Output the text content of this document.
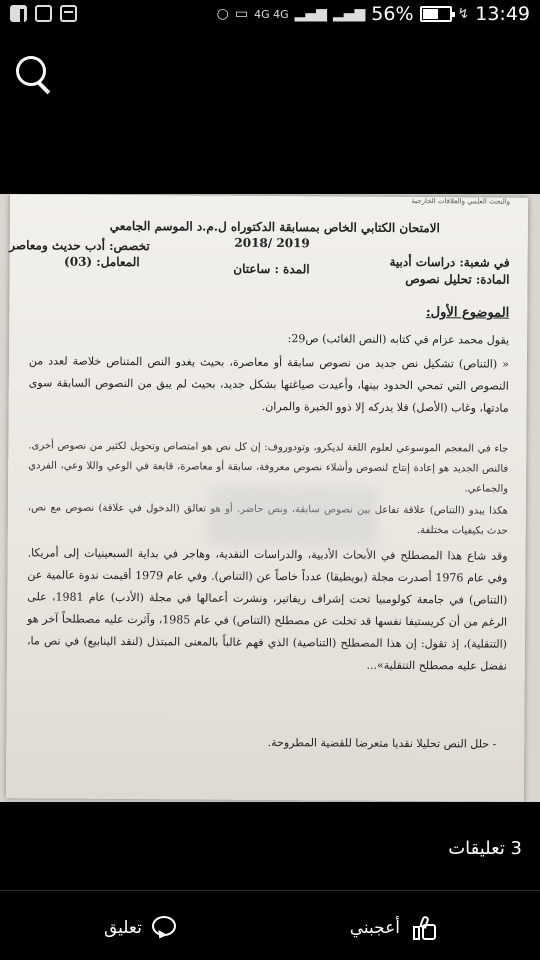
○ ▭ 4G 4G ▂▄▆ ▂▄▆ 56%	↯ 13:49
والبحث العلمي والعلاقات الخارجية
الامتحان الكتابي الخاص بمسابقة الدكتوراه ل.م.د الموسم الجامعي
2019 /2018
في شعبة: دراسات أدبية
المادة: تحليل نصوص
المدة : ساعتان
تخصص: أدب حديث ومعاصر
المعامل: (03)
الموضوع الأول:
يقول محمد عزام في كتابه (النص الغائب) ص29:
« (التناص) تشكيل نص جديد من نصوص سابقة أو معاصرة، بحيث يغدو النص المتناص خلاصة لعدد من النصوص التي تمحي الحدود بينها، وأعيدت صياغتها بشكل جديد، بحيث لم يبق من النصوص السابقة سوى مادتها، وغاب (الأصل) فلا يدركه إلا ذوو الخبرة والمران.
جاء في المعجم الموسوعي لعلوم اللغة لديكرو، وتودوروف: إن كل نص هو امتصاص وتحويل لكثير من نصوص أخرى. فالنص الجديد هو إعادة إنتاج لنصوص وأشلاء نصوص معروفة، سابقة أو معاصرة، قابعة في الوعي واللا وعي، الفردي والجماعي.
هكذا يبدو (التناص) علاقة تفاعل بين نصوص سابقة، ونص حاضر. أو هو تعالق (الدخول في علاقة) نصوص مع نص، حدث بكيفيات مختلفة.
وقد شاع هذا المصطلح في الأبحاث الأدبية، والدراسات النقدية، وهاجر في بداية السبعينيات إلى أمريكا. وفي عام 1976 أصدرت مجلة (بويطيقا) عدداً خاصاً عن (التناص). وفي عام 1979 أقيمت ندوة عالمية عن (التناص) في جامعة كولومبيا تحت إشراف ريفاتير، ونشرت أعمالها في مجلة (الأدب) عام 1981، على الرغم من أن كريستيفا نفسها قد تخلت عن مصطلح (التناص) في عام 1985، وآثرت عليه مصطلحاً آخر هو (التنقلية)، إذ تقول: إن هذا المصطلح (التناصية) الذي فهم غالباً بالمعنى المبتذل (لنقد الينابيع) في نص ما، نفضل عليه مصطلح التنقلية»...
- حلل النص تحليلا نقديا متعرضا للقضية المطروحة.
3 تعليقات
أعجبني
تعليق
